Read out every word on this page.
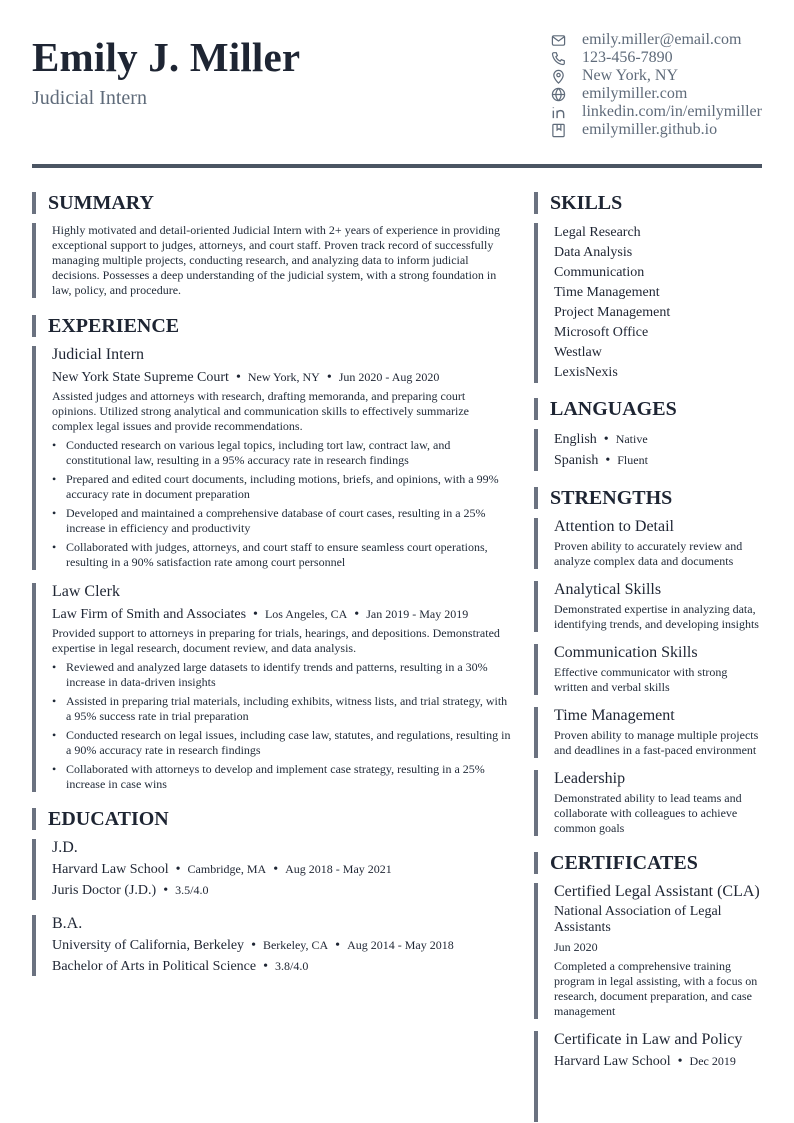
Emily J. Miller
Judicial Intern
emily.miller@email.com
123-456-7890
New York, NY
emilymiller.com
linkedin.com/in/emilymiller
emilymiller.github.io
SUMMARY
Highly motivated and detail-oriented Judicial Intern with 2+ years of experience in providing exceptional support to judges, attorneys, and court staff. Proven track record of successfully managing multiple projects, conducting research, and analyzing data to inform judicial decisions. Possesses a deep understanding of the judicial system, with a strong foundation in law, policy, and procedure.
EXPERIENCE
Judicial Intern
New York State Supreme Court • New York, NY • Jun 2020 - Aug 2020
Assisted judges and attorneys with research, drafting memoranda, and preparing court opinions. Utilized strong analytical and communication skills to effectively summarize complex legal issues and provide recommendations.
• Conducted research on various legal topics, including tort law, contract law, and constitutional law, resulting in a 95% accuracy rate in research findings
• Prepared and edited court documents, including motions, briefs, and opinions, with a 99% accuracy rate in document preparation
• Developed and maintained a comprehensive database of court cases, resulting in a 25% increase in efficiency and productivity
• Collaborated with judges, attorneys, and court staff to ensure seamless court operations, resulting in a 90% satisfaction rate among court personnel
Law Clerk
Law Firm of Smith and Associates • Los Angeles, CA • Jan 2019 - May 2019
Provided support to attorneys in preparing for trials, hearings, and depositions. Demonstrated expertise in legal research, document review, and data analysis.
• Reviewed and analyzed large datasets to identify trends and patterns, resulting in a 30% increase in data-driven insights
• Assisted in preparing trial materials, including exhibits, witness lists, and trial strategy, with a 95% success rate in trial preparation
• Conducted research on legal issues, including case law, statutes, and regulations, resulting in a 90% accuracy rate in research findings
• Collaborated with attorneys to develop and implement case strategy, resulting in a 25% increase in case wins
EDUCATION
J.D.
Harvard Law School • Cambridge, MA • Aug 2018 - May 2021
Juris Doctor (J.D.) • 3.5/4.0
B.A.
University of California, Berkeley • Berkeley, CA • Aug 2014 - May 2018
Bachelor of Arts in Political Science • 3.8/4.0
SKILLS
Legal Research
Data Analysis
Communication
Time Management
Project Management
Microsoft Office
Westlaw
LexisNexis
LANGUAGES
English • Native
Spanish • Fluent
STRENGTHS
Attention to Detail
Proven ability to accurately review and analyze complex data and documents
Analytical Skills
Demonstrated expertise in analyzing data, identifying trends, and developing insights
Communication Skills
Effective communicator with strong written and verbal skills
Time Management
Proven ability to manage multiple projects and deadlines in a fast-paced environment
Leadership
Demonstrated ability to lead teams and collaborate with colleagues to achieve common goals
CERTIFICATES
Certified Legal Assistant (CLA)
National Association of Legal Assistants
Jun 2020
Completed a comprehensive training program in legal assisting, with a focus on research, document preparation, and case management
Certificate in Law and Policy
Harvard Law School • Dec 2019
